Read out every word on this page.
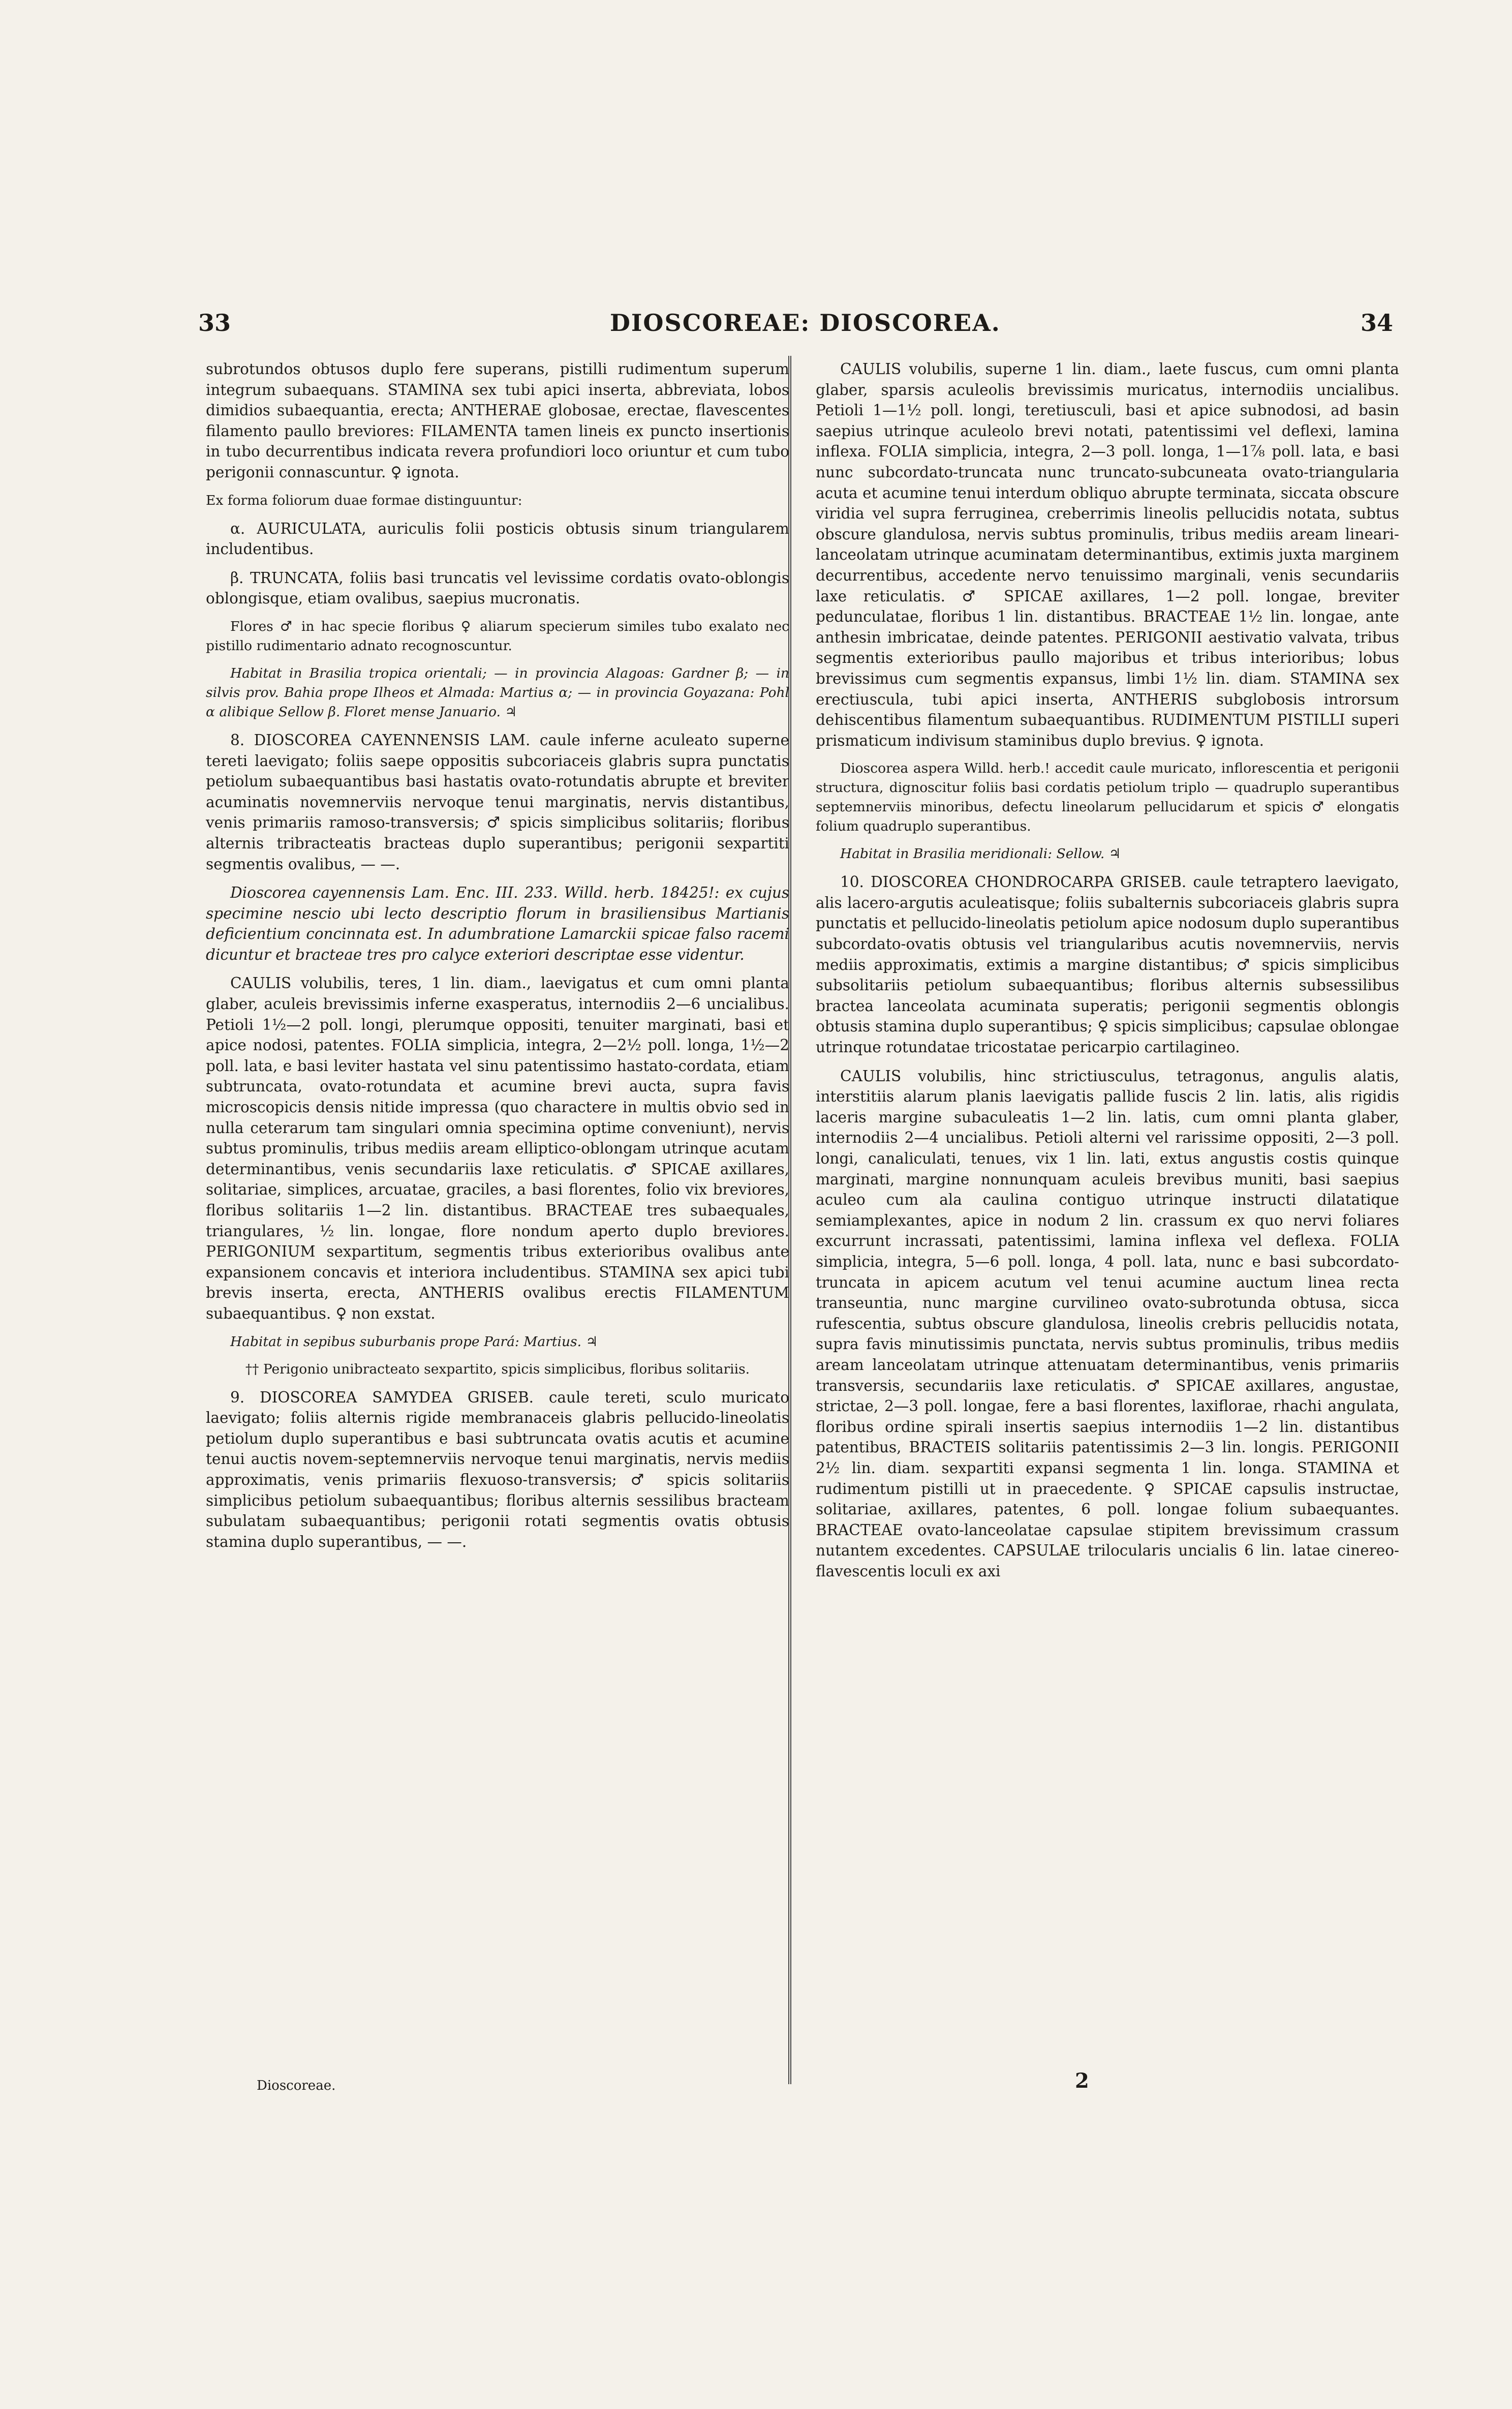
33	DIOSCOREAE: DIOSCOREA.	34

subrotundos obtusos duplo fere superans, pistilli rudimentum superum integrum subaequans. STAMINA sex tubi apici inserta, abbreviata, lobos dimidios subaequantia, erecta; ANTHERAE globosae, erectae, flavescentes filamento paullo breviores: FILAMENTA tamen lineis ex puncto insertionis in tubo decurrentibus indicata revera profundiori loco oriuntur et cum tubo perigonii connascuntur. ♀ ignota.

Ex forma foliorum duae formae distinguuntur:

α. AURICULATA, auriculis folii posticis obtusis sinum triangularem includentibus.

β. TRUNCATA, foliis basi truncatis vel levissime cordatis ovato-oblongis oblongisque, etiam ovalibus, saepius mucronatis.

Flores ♂ in hac specie floribus ♀ aliarum specierum similes tubo exalato nec pistillo rudimentario adnato recognoscuntur.

Habitat in Brasilia tropica orientali; — in provincia Alagoas: Gardner β; — in silvis prov. Bahia prope Ilheos et Almada: Martius α; — in provincia Goyazana: Pohl α alibique Sellow β. Floret mense Januario. ♃

8. DIOSCOREA CAYENNENSIS LAM. caule inferne aculeato superne tereti laevigato; foliis saepe oppositis subcoriaceis glabris supra punctatis petiolum subaequantibus basi hastatis ovato-rotundatis abrupte et breviter acuminatis novemnerviis nervoque tenui marginatis, nervis distantibus, venis primariis ramoso-transversis; ♂ spicis simplicibus solitariis; floribus alternis tribracteatis bracteas duplo superantibus; perigonii sexpartiti segmentis ovalibus, — —.

Dioscorea cayennensis Lam. Enc. III. 233. Willd. herb. 18425!: ex cujus specimine nescio ubi lecto descriptio florum in brasiliensibus Martianis deficientium concinnata est. In adumbratione Lamarckii spicae falso racemi dicuntur et bracteae tres pro calyce exteriori descriptae esse videntur.

CAULIS volubilis, teres, 1 lin. diam., laevigatus et cum omni planta glaber, aculeis brevissimis inferne exasperatus, internodiis 2—6 uncialibus. Petioli 1½—2 poll. longi, plerumque oppositi, tenuiter marginati, basi et apice nodosi, patentes. FOLIA simplicia, integra, 2—2½ poll. longa, 1½—2 poll. lata, e basi leviter hastata vel sinu patentissimo hastato-cordata, etiam subtruncata, ovato-rotundata et acumine brevi aucta, supra favis microscopicis densis nitide impressa (quo charactere in multis obvio sed in nulla ceterarum tam singulari omnia specimina optime conveniunt), nervis subtus prominulis, tribus mediis aream elliptico-oblongam utrinque acutam determinantibus, venis secundariis laxe reticulatis. ♂ SPICAE axillares, solitariae, simplices, arcuatae, graciles, a basi florentes, folio vix breviores, floribus solitariis 1—2 lin. distantibus. BRACTEAE tres subaequales, triangulares, ½ lin. longae, flore nondum aperto duplo breviores. PERIGONIUM sexpartitum, segmentis tribus exterioribus ovalibus ante expansionem concavis et interiora includentibus. STAMINA sex apici tubi brevis inserta, erecta, ANTHERIS ovalibus erectis FILAMENTUM subaequantibus. ♀ non exstat.

Habitat in sepibus suburbanis prope Pará: Martius. ♃

†† Perigonio unibracteato sexpartito, spicis simplicibus, floribus solitariis.

9. DIOSCOREA SAMYDEA GRISEB. caule tereti, sculo muricato laevigato; foliis alternis rigide membranaceis glabris pellucido-lineolatis petiolum duplo superantibus e basi subtruncata ovatis acutis et acumine tenui auctis novem-septemnerviis nervoque tenui marginatis, nervis mediis approximatis, venis primariis flexuoso-transversis; ♂ spicis solitariis simplicibus petiolum subaequantibus; floribus alternis sessilibus bracteam subulatam subaequantibus; perigonii rotati segmentis ovatis obtusis stamina duplo superantibus, — —.

CAULIS volubilis, superne 1 lin. diam., laete fuscus, cum omni planta glaber, sparsis aculeolis brevissimis muricatus, internodiis uncialibus. Petioli 1—1½ poll. longi, teretiusculi, basi et apice subnodosi, ad basin saepius utrinque aculeolo brevi notati, patentissimi vel deflexi, lamina inflexa. FOLIA simplicia, integra, 2—3 poll. longa, 1—1⅞ poll. lata, e basi nunc subcordato-truncata nunc truncato-subcuneata ovato-triangularia acuta et acumine tenui interdum obliquo abrupte terminata, siccata obscure viridia vel supra ferruginea, creberrimis lineolis pellucidis notata, subtus obscure glandulosa, nervis subtus prominulis, tribus mediis aream lineari-lanceolatam utrinque acuminatam determinantibus, extimis juxta marginem decurrentibus, accedente nervo tenuissimo marginali, venis secundariis laxe reticulatis. ♂ SPICAE axillares, 1—2 poll. longae, breviter pedunculatae, floribus 1 lin. distantibus. BRACTEAE 1½ lin. longae, ante anthesin imbricatae, deinde patentes. PERIGONII aestivatio valvata, tribus segmentis exterioribus paullo majoribus et tribus interioribus; lobus brevissimus cum segmentis expansus, limbi 1½ lin. diam. STAMINA sex erectiuscula, tubi apici inserta, ANTHERIS subglobosis introrsum dehiscentibus filamentum subaequantibus. RUDIMENTUM PISTILLI superi prismaticum indivisum staminibus duplo brevius. ♀ ignota.

Dioscorea aspera Willd. herb.! accedit caule muricato, inflorescentia et perigonii structura, dignoscitur foliis basi cordatis petiolum triplo — quadruplo superantibus septemnerviis minoribus, defectu lineolarum pellucidarum et spicis ♂ elongatis folium quadruplo superantibus.

Habitat in Brasilia meridionali: Sellow. ♃

10. DIOSCOREA CHONDROCARPA GRISEB. caule tetraptero laevigato, alis lacero-argutis aculeatisque; foliis subalternis subcoriaceis glabris supra punctatis et pellucido-lineolatis petiolum apice nodosum duplo superantibus subcordato-ovatis obtusis vel triangularibus acutis novemnerviis, nervis mediis approximatis, extimis a margine distantibus; ♂ spicis simplicibus subsolitariis petiolum subaequantibus; floribus alternis subsessilibus bractea lanceolata acuminata superatis; perigonii segmentis oblongis obtusis stamina duplo superantibus; ♀ spicis simplicibus; capsulae oblongae utrinque rotundatae tricostatae pericarpio cartilagineo.

CAULIS volubilis, hinc strictiusculus, tetragonus, angulis alatis, interstitiis alarum planis laevigatis pallide fuscis 2 lin. latis, alis rigidis laceris margine subaculeatis 1—2 lin. latis, cum omni planta glaber, internodiis 2—4 uncialibus. Petioli alterni vel rarissime oppositi, 2—3 poll. longi, canaliculati, tenues, vix 1 lin. lati, extus angustis costis quinque marginati, margine nonnunquam aculeis brevibus muniti, basi saepius aculeo cum ala caulina contiguo utrinque instructi dilatatique semiamplexantes, apice in nodum 2 lin. crassum ex quo nervi foliares excurrunt incrassati, patentissimi, lamina inflexa vel deflexa. FOLIA simplicia, integra, 5—6 poll. longa, 4 poll. lata, nunc e basi subcordato-truncata in apicem acutum vel tenui acumine auctum linea recta transeuntia, nunc margine curvilineo ovato-subrotunda obtusa, sicca rufescentia, subtus obscure glandulosa, lineolis crebris pellucidis notata, supra favis minutissimis punctata, nervis subtus prominulis, tribus mediis aream lanceolatam utrinque attenuatam determinantibus, venis primariis transversis, secundariis laxe reticulatis. ♂ SPICAE axillares, angustae, strictae, 2—3 poll. longae, fere a basi florentes, laxiflorae, rhachi angulata, floribus ordine spirali insertis saepius internodiis 1—2 lin. distantibus patentibus, BRACTEIS solitariis patentissimis 2—3 lin. longis. PERIGONII 2½ lin. diam. sexpartiti expansi segmenta 1 lin. longa. STAMINA et rudimentum pistilli ut in praecedente. ♀ SPICAE capsulis instructae, solitariae, axillares, patentes, 6 poll. longae folium subaequantes. BRACTEAE ovato-lanceolatae capsulae stipitem brevissimum crassum nutantem excedentes. CAPSULAE trilocularis uncialis 6 lin. latae cinereo-flavescentis loculi ex axi

Dioscoreae.	2
